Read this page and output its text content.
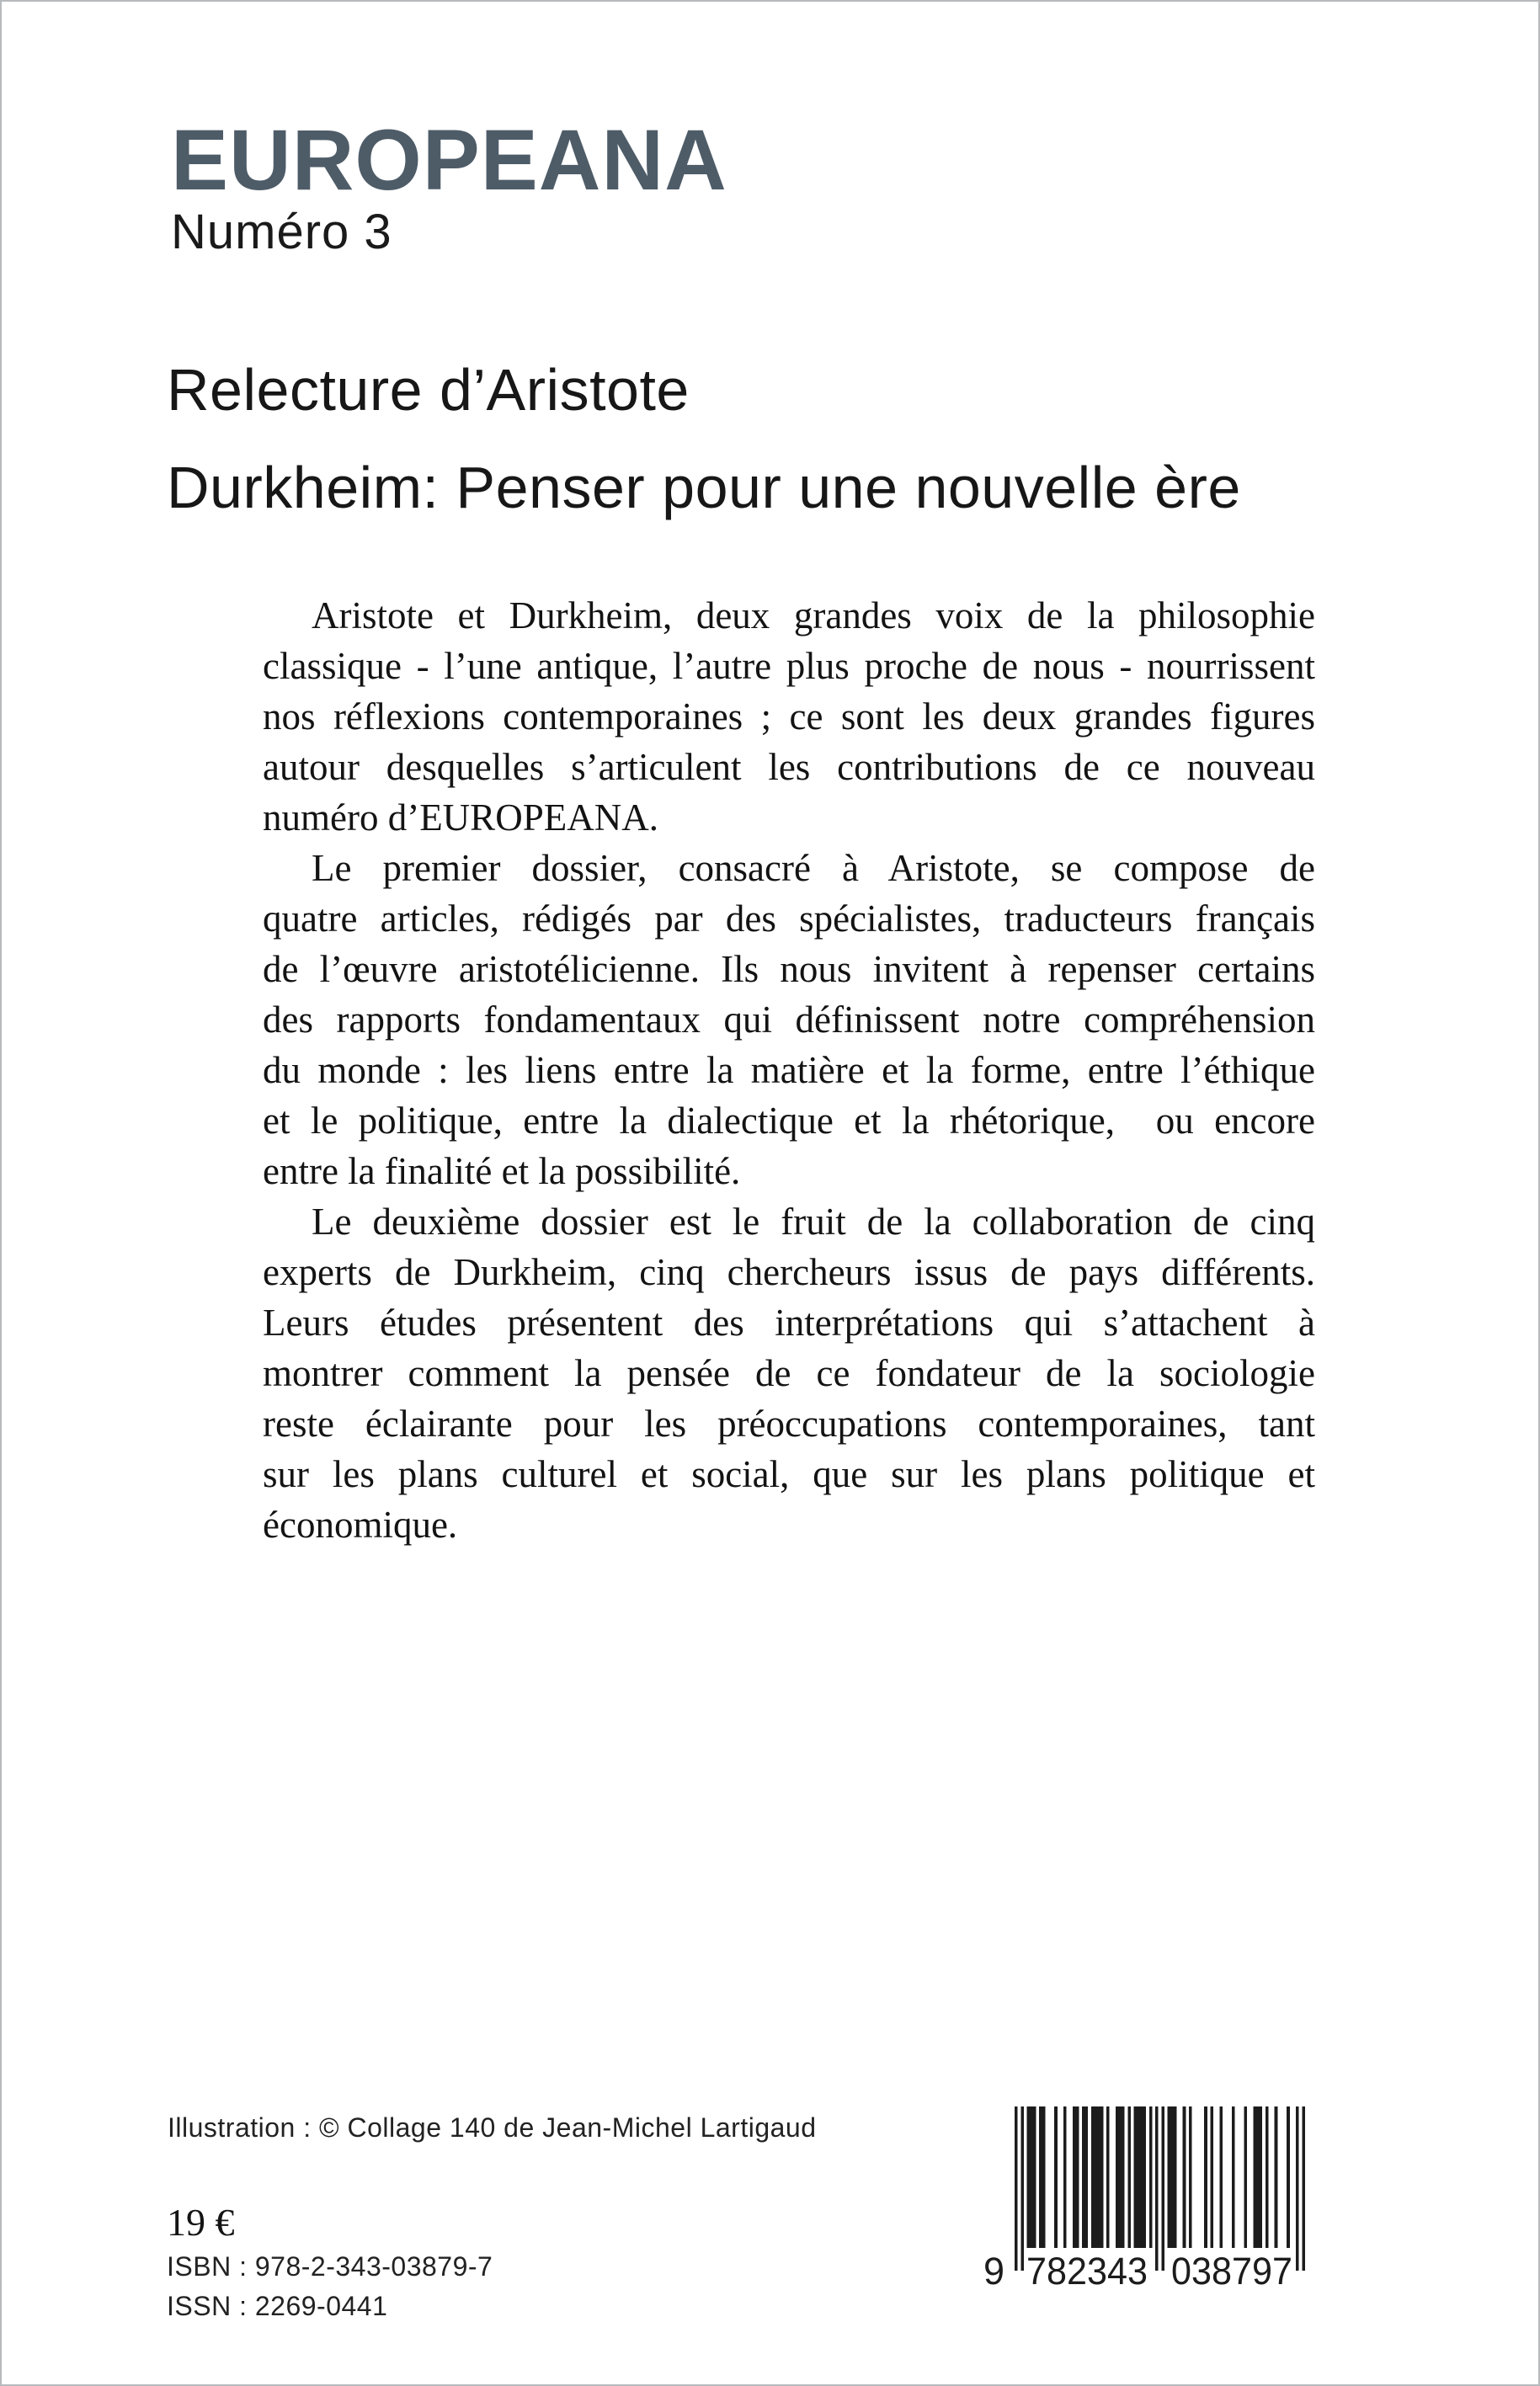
EUROPEANA
Numéro 3
Relecture d’Aristote
Durkheim: Penser pour une nouvelle ère
Aristote et Durkheim, deux grandes voix de la philosophie
classique - l’une antique, l’autre plus proche de nous - nourrissent
nos réflexions contemporaines ; ce sont les deux grandes figures
autour desquelles s’articulent les contributions de ce nouveau
numéro d’EUROPEANA.
Le premier dossier, consacré à Aristote, se compose de
quatre articles, rédigés par des spécialistes, traducteurs français
de l’œuvre aristotélicienne. Ils nous invitent à repenser certains
des rapports fondamentaux qui définissent notre compréhension
du monde : les liens entre la matière et la forme, entre l’éthique
et le politique, entre la dialectique et la rhétorique,  ou encore
entre la finalité et la possibilité.
Le deuxième dossier est le fruit de la collaboration de cinq
experts de Durkheim, cinq chercheurs issus de pays différents.
Leurs études présentent des interprétations qui s’attachent à
montrer comment la pensée de ce fondateur de la sociologie
reste éclairante pour les préoccupations contemporaines, tant
sur les plans culturel et social, que sur les plans politique et
économique.
Illustration : © Collage 140 de Jean-Michel Lartigaud
19 €
ISBN : 978-2-343-03879-7
ISSN : 2269-0441
9 782343 038797
